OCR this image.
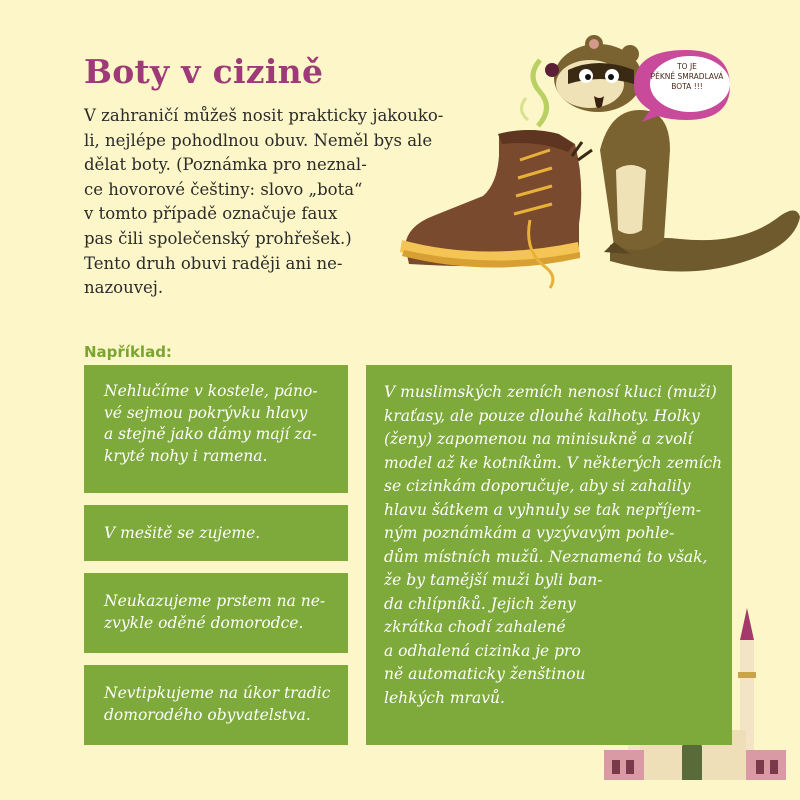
Boty v cizině

V zahraničí můžeš nosit prakticky jakouko-
li, nejlépe pohodlnou obuv. Neměl bys ale
dělat boty. (Poznámka pro neznal-
ce hovorové češtiny: slovo „bota“
v tomto případě označuje faux
pas čili společenský prohřešek.)
Tento druh obuvi raději ani ne-
nazouvej.

TO JE
PĚKNĚ SMRADLAVÁ
BOTA !!!
Například:
Nehlučíme v kostele, páno-
vé sejmou pokrývku hlavy
a stejně jako dámy mají za-
kryté nohy i ramena.
V mešitě se zujeme.
Neukazujeme prstem na ne-
zvykle oděné domorodce.
Nevtipkujeme na úkor tradic
domorodého obyvatelstva.
V muslimských zemích nenosí kluci (muži)
kraťasy, ale pouze dlouhé kalhoty. Holky
(ženy) zapomenou na minisukně a zvolí
model až ke kotníkům. V některých zemích
se cizinkám doporučuje, aby si zahalily
hlavu šátkem a vyhnuly se tak nepříjem-
ným poznámkám a vyzývavým pohle-
dům místních mužů. Neznamená to však,
že by tamější muži byli ban-
da chlípníků. Jejich ženy
zkrátka chodí zahalené
a odhalená cizinka je pro
ně automaticky ženštinou
lehkých mravů.
